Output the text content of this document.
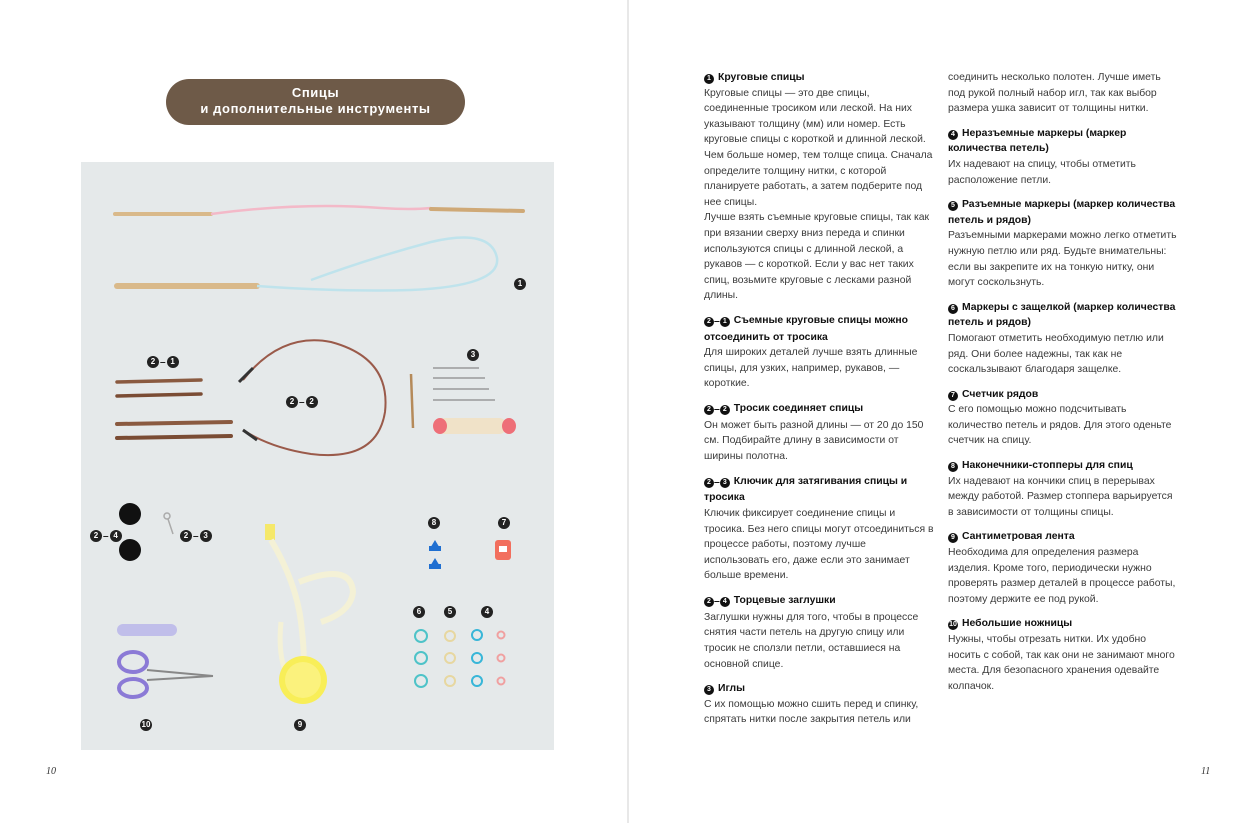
Спицы
и дополнительные инструменты
1
2 – 1
2 – 2
3
2 – 4	2 – 3
8	7
6	5	4
10	9
10	11
1 Круговые спицы

Круговые спицы — это две спицы, соединенные тросиком или леской. На них указывают толщину (мм) или номер. Есть круговые спицы с короткой и длинной леской. Чем больше номер, тем толще спица. Сначала определите толщину нитки, с которой планируете работать, а затем подберите под нее спицы.

Лучше взять съемные круговые спицы, так как при вязании сверху вниз переда и спинки используются спицы с длинной леской, а рукавов — с короткой. Если у вас нет таких спиц, возьмите круговые с лесками разной длины.

2 – 1 Съемные круговые спицы можно отсоединить от тросика

Для широких деталей лучше взять длинные спицы, для узких, например, рукавов, — короткие.

2 – 2 Тросик соединяет спицы

Он может быть разной длины — от 20 до 150 см. Подбирайте длину в зависимости от ширины полотна.

2 – 3 Ключик для затягивания спицы и тросика

Ключик фиксирует соединение спицы и тросика. Без него спицы могут отсоединиться в процессе работы, поэтому лучше использовать его, даже если это занимает больше времени.

2 – 4 Торцевые заглушки

Заглушки нужны для того, чтобы в процессе снятия части петель на другую спицу или тросик не сползли петли, оставшиеся на основной спице.

3 Иглы

С их помощью можно сшить перед и спинку, спрятать нитки после закрытия петель или

соединить несколько полотен. Лучше иметь под рукой полный набор игл, так как выбор размера ушка зависит от толщины нитки.

4 Неразъемные маркеры (маркер количества петель)

Их надевают на спицу, чтобы отметить расположение петли.

5 Разъемные маркеры (маркер количества петель и рядов)

Разъемными маркерами можно легко отметить нужную петлю или ряд. Будьте внимательны: если вы закрепите их на тонкую нитку, они могут соскользнуть.

6 Маркеры с защелкой (маркер количества петель и рядов)

Помогают отметить необходимую петлю или ряд. Они более надежны, так как не соскальзывают благодаря защелке.

7 Счетчик рядов

С его помощью можно подсчитывать количество петель и рядов. Для этого оденьте счетчик на спицу.

8 Наконечники-стопперы для спиц

Их надевают на кончики спиц в перерывах между работой. Размер стоппера варьируется в зависимости от толщины спицы.

9 Сантиметровая лента

Необходима для определения размера изделия. Кроме того, периодически нужно проверять размер деталей в процессе работы, поэтому держите ее под рукой.

10 Небольшие ножницы

Нужны, чтобы отрезать нитки. Их удобно носить с собой, так как они не занимают много места. Для безопасного хранения одевайте колпачок.
